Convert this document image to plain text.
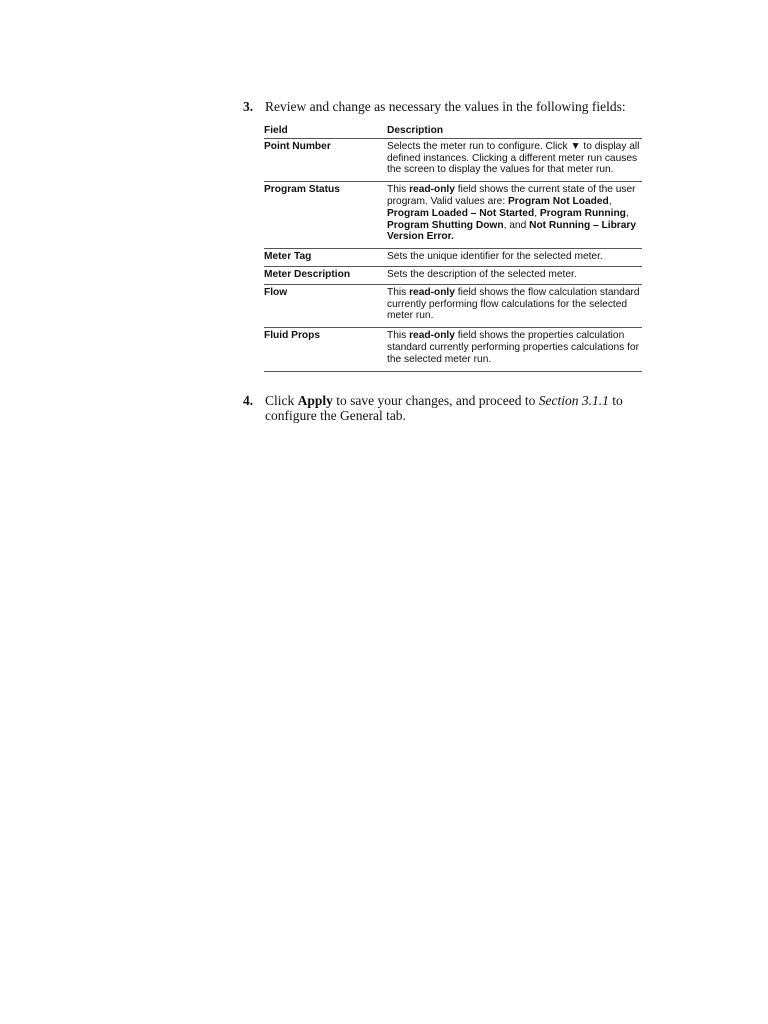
3. Review and change as necessary the values in the following fields:
Field	Description
Point Number	Selects the meter run to configure. Click ▼ to display all defined instances. Clicking a different meter run causes the screen to display the values for that meter run.
Program Status	This read-only field shows the current state of the user program. Valid values are: Program Not Loaded, Program Loaded – Not Started, Program Running, Program Shutting Down, and Not Running – Library Version Error.
Meter Tag	Sets the unique identifier for the selected meter.
Meter Description	Sets the description of the selected meter.
Flow	This read-only field shows the flow calculation standard currently performing flow calculations for the selected meter run.
Fluid Props	This read-only field shows the properties calculation standard currently performing properties calculations for the selected meter run.
4. Click Apply to save your changes, and proceed to Section 3.1.1 to configure the General tab.
